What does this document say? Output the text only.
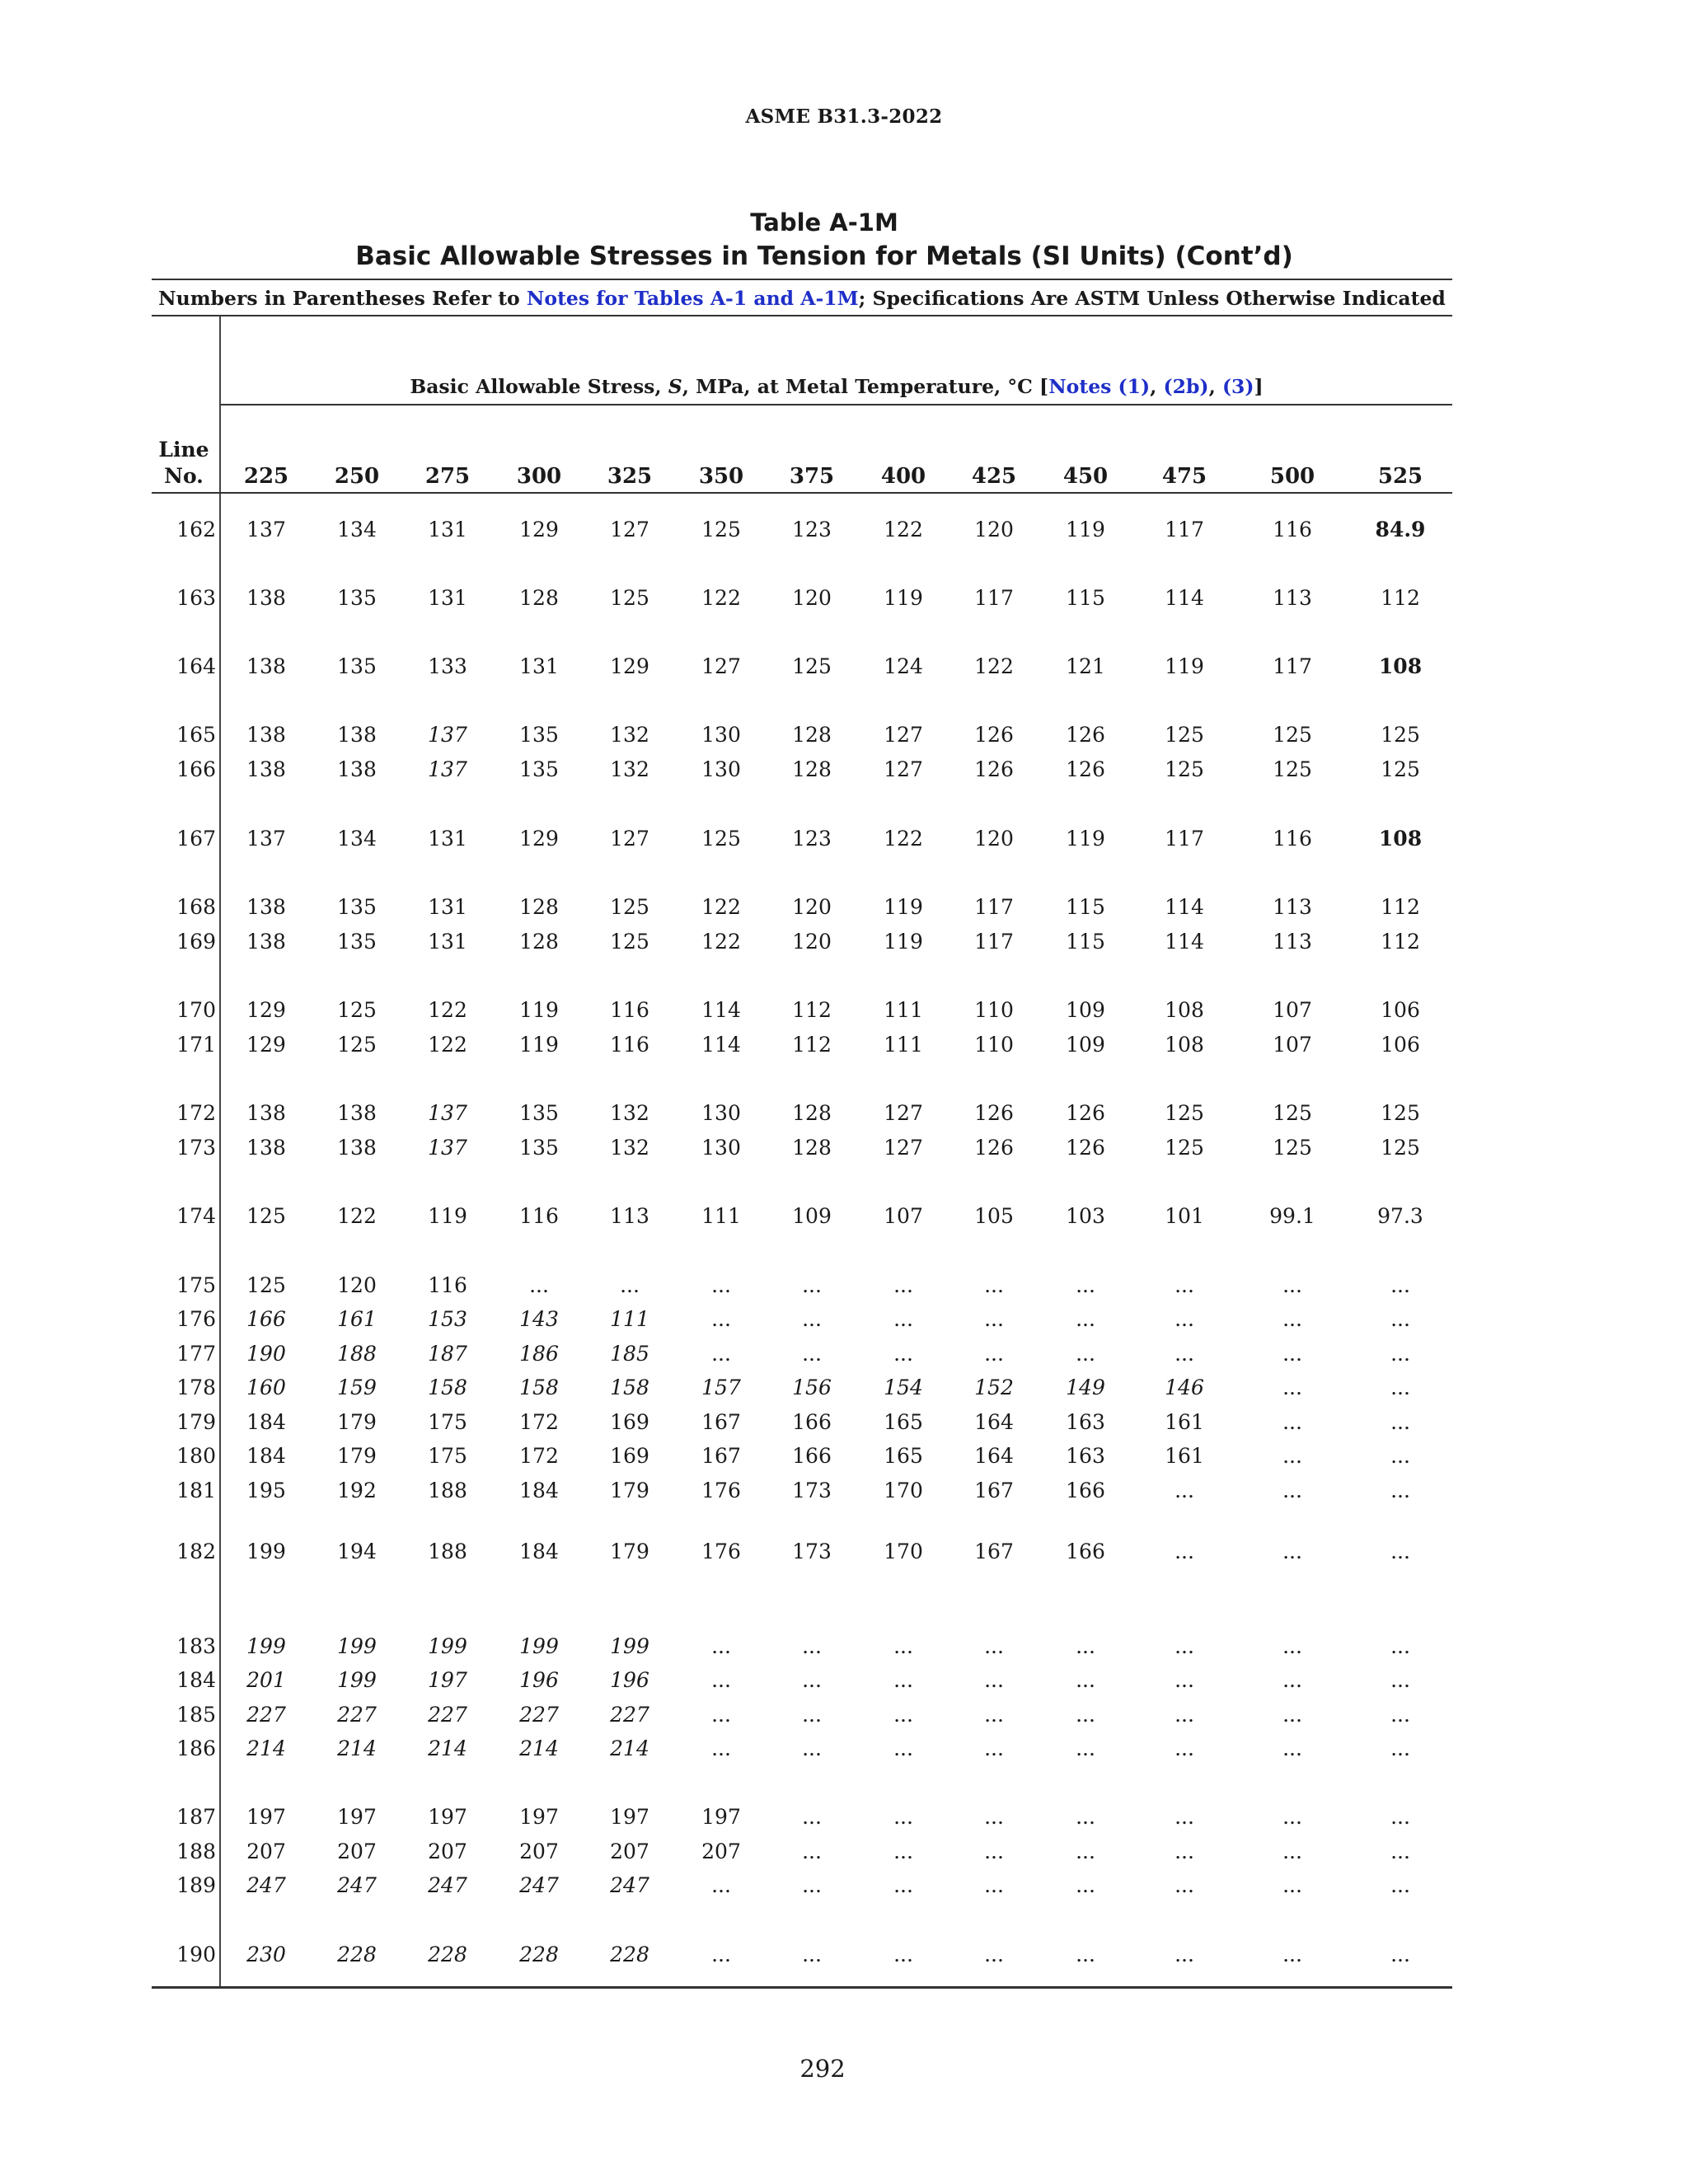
ASME B31.3-2022
Table A-1M
Basic Allowable Stresses in Tension for Metals (SI Units) (Cont’d)
Numbers in Parentheses Refer to Notes for Tables A-1 and A-1M; Specifications Are ASTM Unless Otherwise Indicated
Basic Allowable Stress, S, MPa, at Metal Temperature, °C [Notes (1), (2b), (3)]
Line
No.	225	250	275	300	325	350	375	400	425	450	475	500	525
162	137	134	131	129	127	125	123	122	120	119	117	116	84.9
163	138	135	131	128	125	122	120	119	117	115	114	113	112
164	138	135	133	131	129	127	125	124	122	121	119	117	108
165	138	138	137	135	132	130	128	127	126	126	125	125	125
166	138	138	137	135	132	130	128	127	126	126	125	125	125
167	137	134	131	129	127	125	123	122	120	119	117	116	108
168	138	135	131	128	125	122	120	119	117	115	114	113	112
169	138	135	131	128	125	122	120	119	117	115	114	113	112
170	129	125	122	119	116	114	112	111	110	109	108	107	106
171	129	125	122	119	116	114	112	111	110	109	108	107	106
172	138	138	137	135	132	130	128	127	126	126	125	125	125
173	138	138	137	135	132	130	128	127	126	126	125	125	125
174	125	122	119	116	113	111	109	107	105	103	101	99.1	97.3
175	125	120	116	...	...	...	...	...	...	...	...	...	...
176	166	161	153	143	111	...	...	...	...	...	...	...	...
177	190	188	187	186	185	...	...	...	...	...	...	...	...
178	160	159	158	158	158	157	156	154	152	149	146	...	...
179	184	179	175	172	169	167	166	165	164	163	161	...	...
180	184	179	175	172	169	167	166	165	164	163	161	...	...
181	195	192	188	184	179	176	173	170	167	166	...	...	...
182	199	194	188	184	179	176	173	170	167	166	...	...	...
183	199	199	199	199	199	...	...	...	...	...	...	...	...
184	201	199	197	196	196	...	...	...	...	...	...	...	...
185	227	227	227	227	227	...	...	...	...	...	...	...	...
186	214	214	214	214	214	...	...	...	...	...	...	...	...
187	197	197	197	197	197	197	...	...	...	...	...	...	...
188	207	207	207	207	207	207	...	...	...	...	...	...	...
189	247	247	247	247	247	...	...	...	...	...	...	...	...
190	230	228	228	228	228	...	...	...	...	...	...	...	...
292
